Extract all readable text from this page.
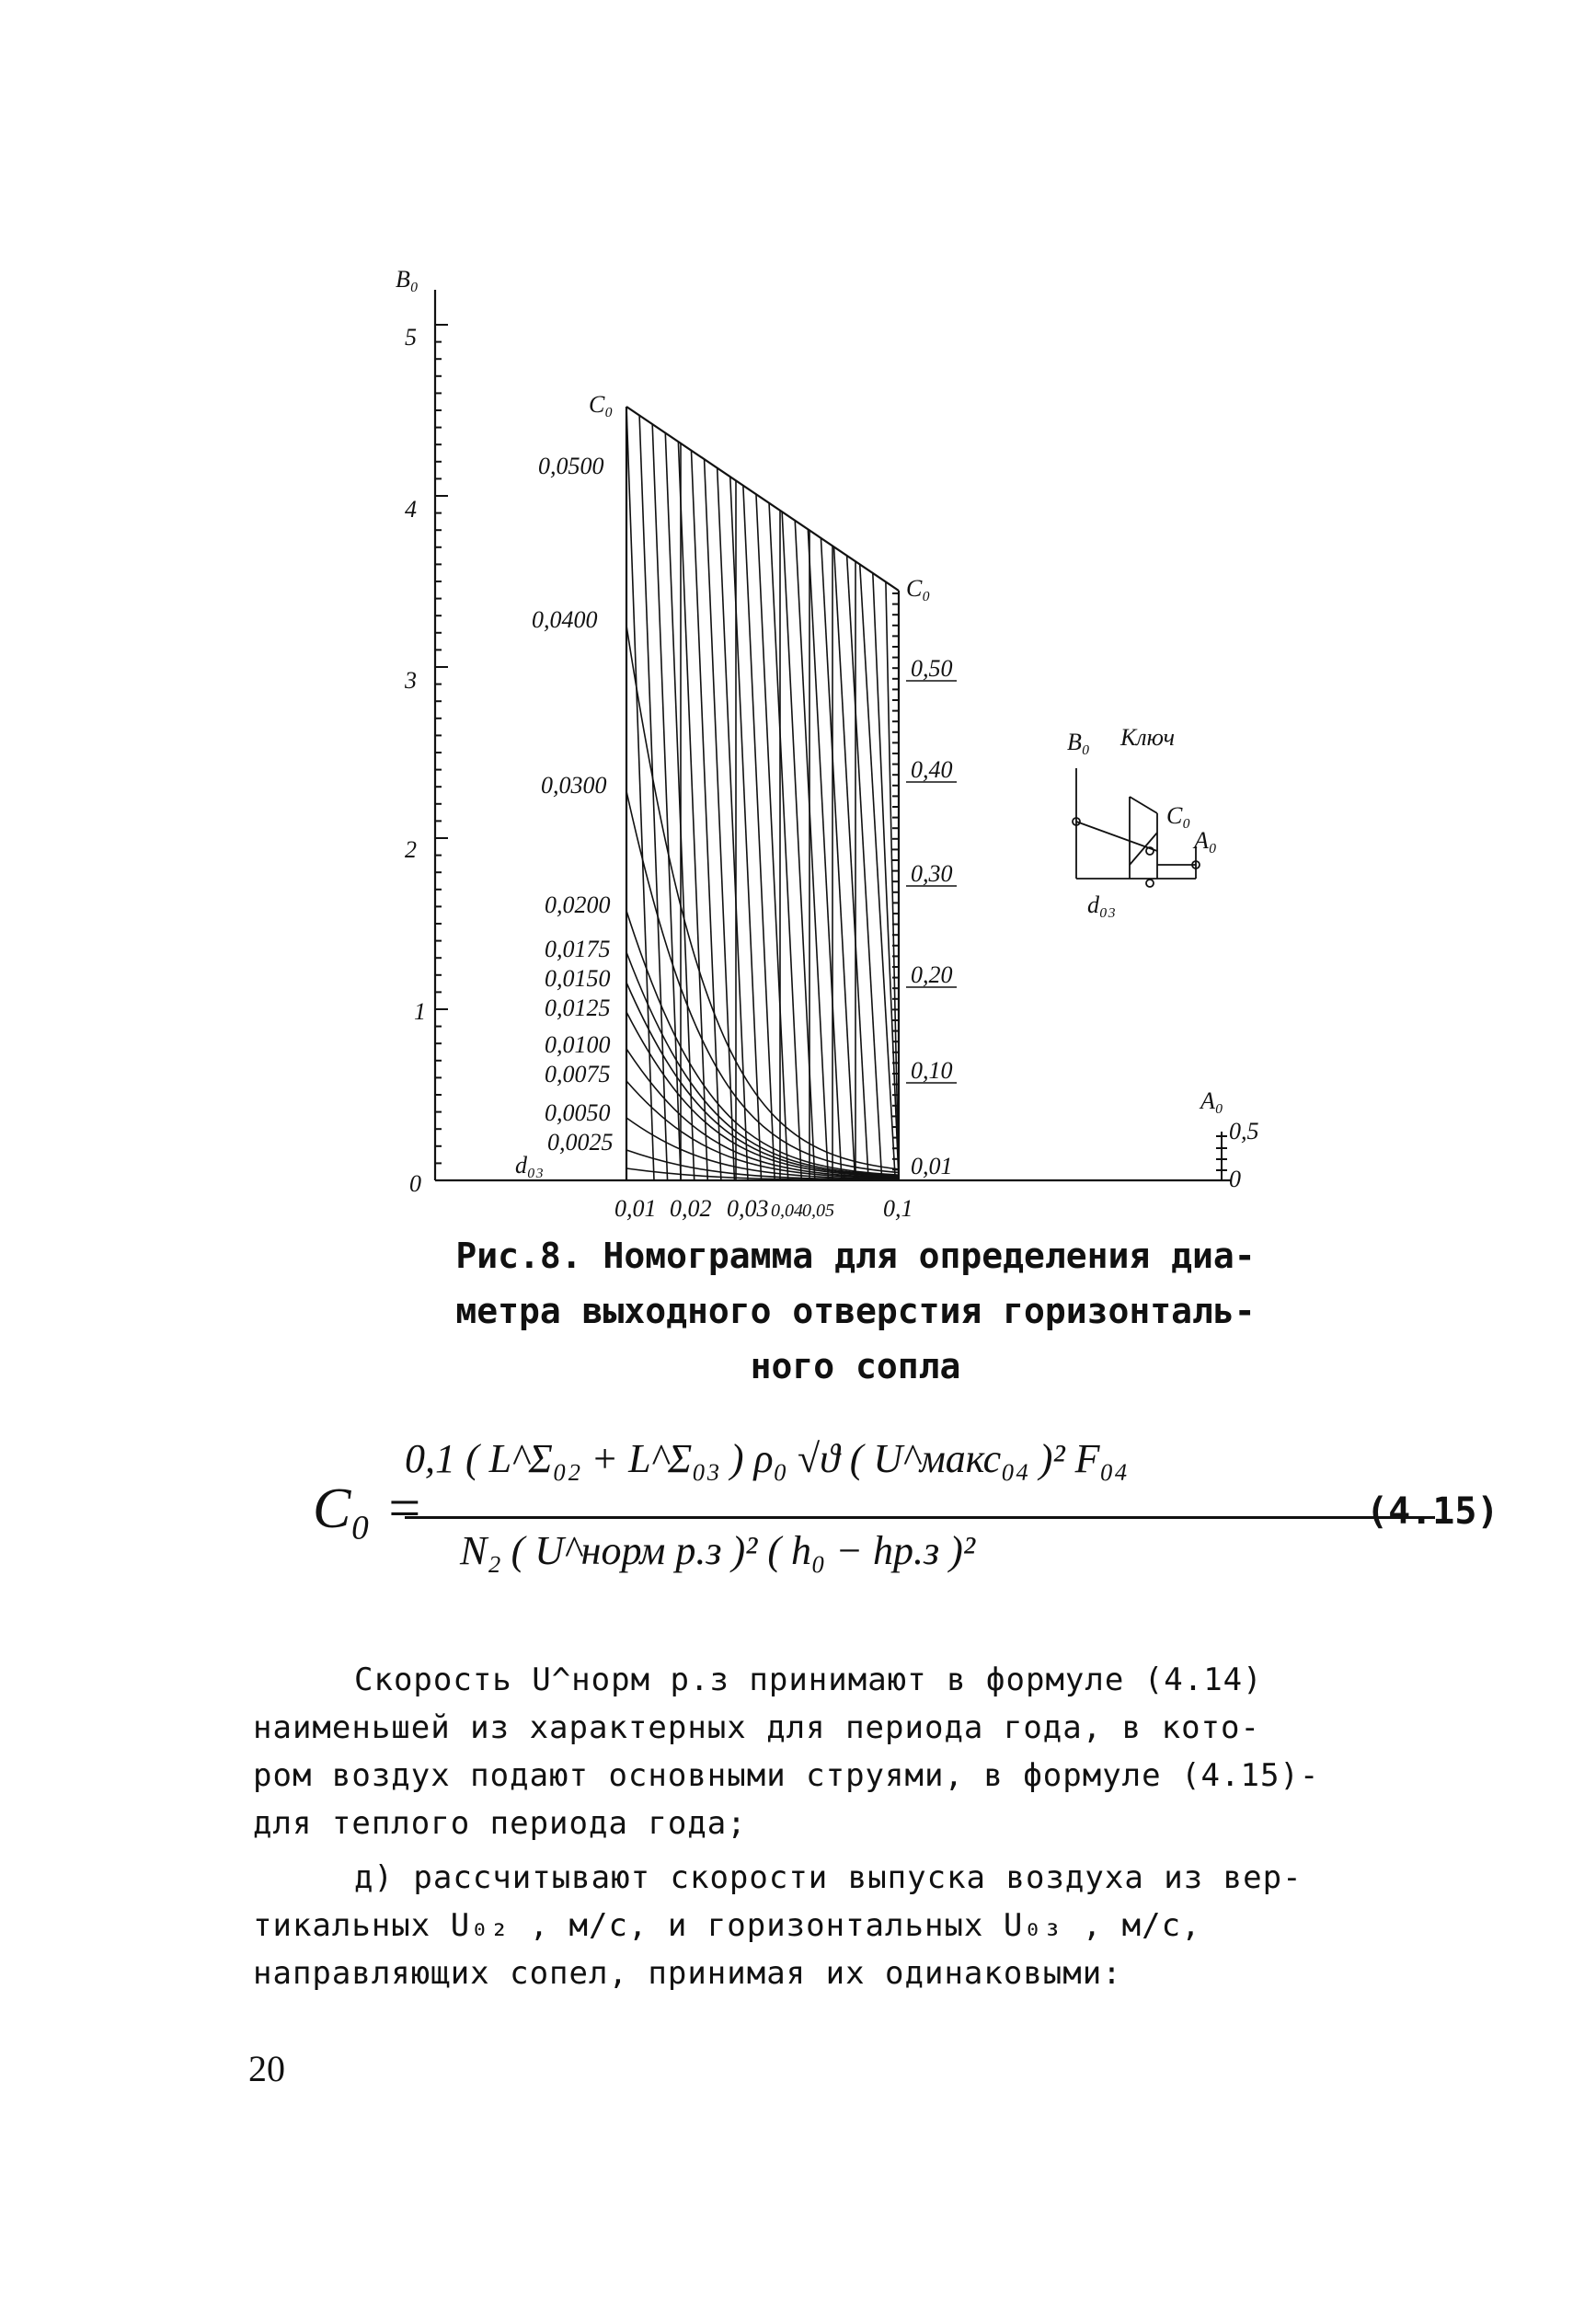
B₀
5
4
3
2
1
0
C₀
0,0500
0,0400
0,0300
0,0200
0,0175
0,0150
0,0125
0,0100
0,0075
0,0050
0,0025
d₀₃
C₀
0,50
0,40
0,30
0,20
0,10
0,01
0,01 0,02 0,03 0,04 0,05 0,1
B₀ Ключ
C₀
A₀
d₀₃
A₀
0,5
0
Рис.8. Номограмма для определения диа-
метра выходного отверстия горизонталь-
ного сопла
C₀ =
0,1 ( L^Σ₀₂ + L^Σ₀₃ ) ρ₀ √ϑ ( U^макс₀₄ )² F₀₄
N₂ ( U^норм р.з )² ( h₀ − hр.з )²
(4.15)
Скорость U^норм р.з принимают в формуле (4.14)
наименьшей из характерных для периода года, в кото-
ром воздух подают основными струями, в формуле (4.15)-
для теплого периода года;
д) рассчитывают скорости выпуска воздуха из вер-
тикальных U₀₂ , м/с, и горизонтальных U₀₃ , м/с,
направляющих сопел, принимая их одинаковыми:
20
